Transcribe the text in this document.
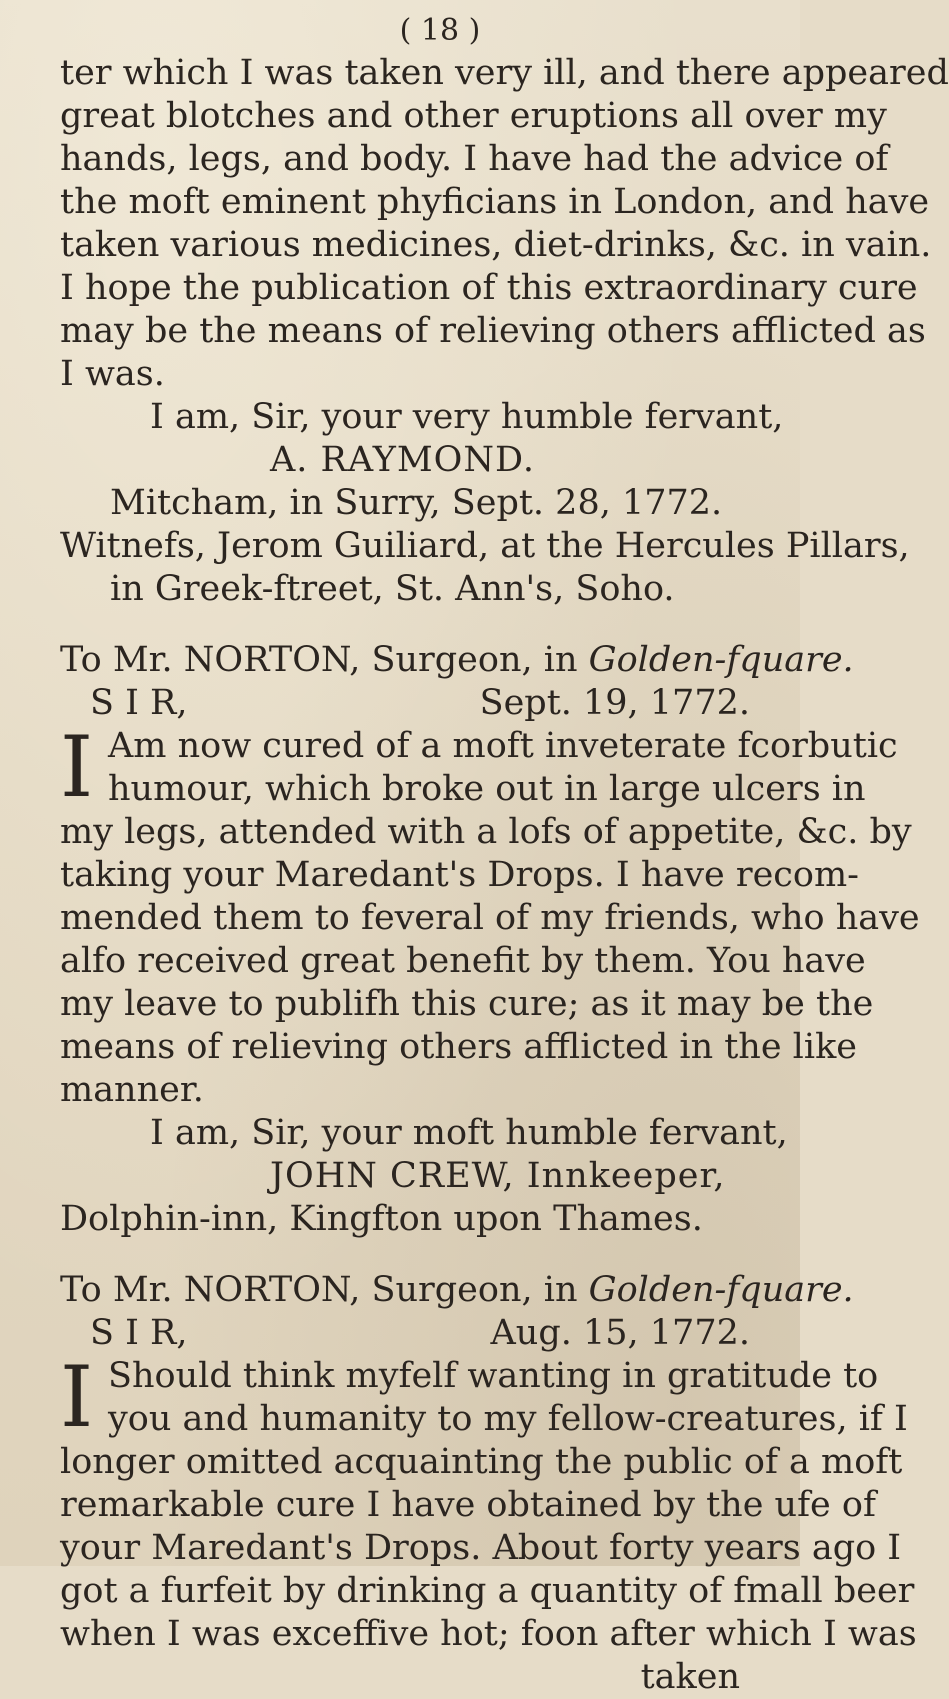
( 18 )
ter which I was taken very ill, and there appeared
great blotches and other eruptions all over my
hands, legs, and body. I have had the advice of
the moft eminent phyficians in London, and have
taken various medicines, diet-drinks, &c. in vain.
I hope the publication of this extraordinary cure
may be the means of relieving others afflicted as
I was.
I am, Sir, your very humble fervant,
A. RAYMOND.
Mitcham, in Surry, Sept. 28, 1772.
Witnefs, Jerom Guiliard, at the Hercules Pillars,
in Greek-ftreet, St. Ann's, Soho.
To Mr. NORTON, Surgeon, in Golden-fquare.
S I R,	Sept. 19, 1772.
I Am now cured of a moft inveterate fcorbutic
humour, which broke out in large ulcers in
my legs, attended with a lofs of appetite, &c. by
taking your Maredant's Drops. I have recom-
mended them to feveral of my friends, who have
alfo received great benefit by them. You have
my leave to publifh this cure; as it may be the
means of relieving others afflicted in the like
manner.
I am, Sir, your moft humble fervant,
JOHN CREW, Innkeeper,
Dolphin-inn, Kingfton upon Thames.
To Mr. NORTON, Surgeon, in Golden-fquare.
S I R,	Aug. 15, 1772.
I Should think myfelf wanting in gratitude to
you and humanity to my fellow-creatures, if I
longer omitted acquainting the public of a moft
remarkable cure I have obtained by the ufe of
your Maredant's Drops. About forty years ago I
got a furfeit by drinking a quantity of fmall beer
when I was exceffive hot; foon after which I was
taken
